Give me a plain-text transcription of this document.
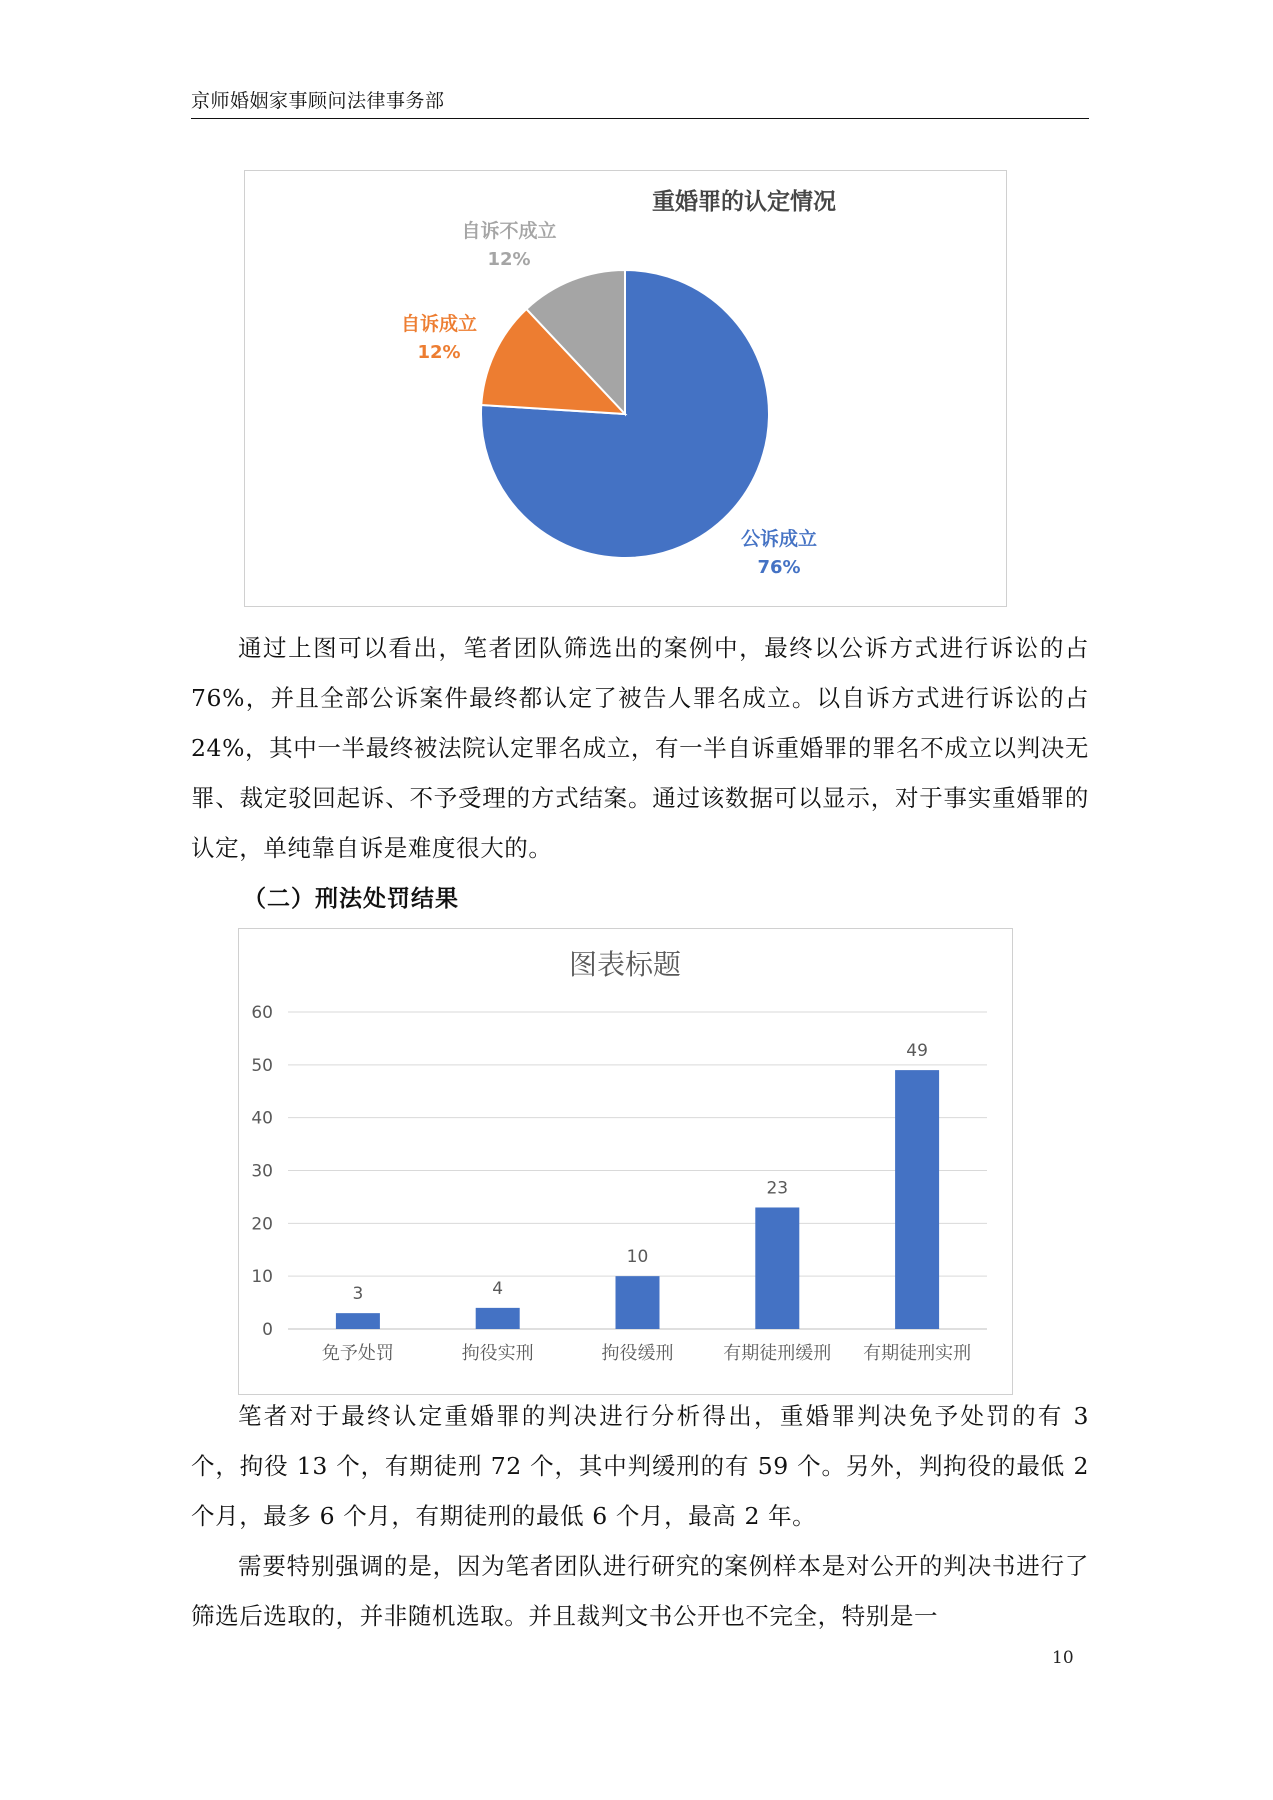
京师婚姻家事顾问法律事务部
重婚罪的认定情况
公诉成立
76%
自诉成立
12%
自诉不成立
12%

通过上图可以看出，笔者团队筛选出的案例中，最终以公诉方式进行诉讼的占 76%，并且全部公诉案件最终都认定了被告人罪名成立。以自诉方式进行诉讼的占 24%，其中一半最终被法院认定罪名成立，有一半自诉重婚罪的罪名不成立以判决无罪、裁定驳回起诉、不予受理的方式结案。通过该数据可以显示，对于事实重婚罪的认定，单纯靠自诉是难度很大的。

（二）刑法处罚结果
图表标题
0
10
20
30
40
50
60
3
免予处罚
4
拘役实刑
10
拘役缓刑
23
有期徒刑缓刑
49
有期徒刑实刑

笔者对于最终认定重婚罪的判决进行分析得出，重婚罪判决免予处罚的有 3 个，拘役 13 个，有期徒刑 72 个，其中判缓刑的有 59 个。另外，判拘役的最低 2 个月，最多 6 个月，有期徒刑的最低 6 个月，最高 2 年。

需要特别强调的是，因为笔者团队进行研究的案例样本是对公开的判决书进行了筛选后选取的，并非随机选取。并且裁判文书公开也不完全，特别是一

10
